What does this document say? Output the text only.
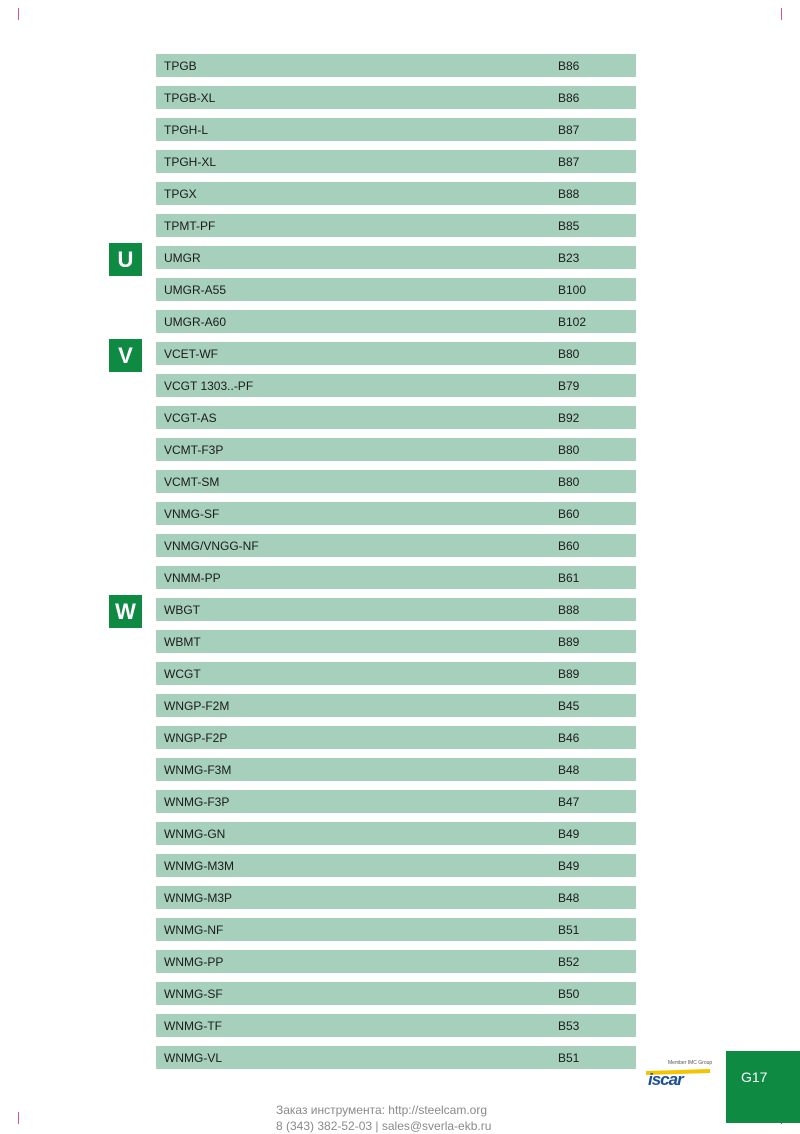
U
V
W
TPGB	B86
TPGB-XL	B86
TPGH-L	B87
TPGH-XL	B87
TPGX	B88
TPMT-PF	B85
UMGR	B23
UMGR-A55	B100
UMGR-A60	B102
VCET-WF	B80
VCGT 1303..-PF	B79
VCGT-AS	B92
VCMT-F3P	B80
VCMT-SM	B80
VNMG-SF	B60
VNMG/VNGG-NF	B60
VNMM-PP	B61
WBGT	B88
WBMT	B89
WCGT	B89
WNGP-F2M	B45
WNGP-F2P	B46
WNMG-F3M	B48
WNMG-F3P	B47
WNMG-GN	B49
WNMG-M3M	B49
WNMG-M3P	B48
WNMG-NF	B51
WNMG-PP	B52
WNMG-SF	B50
WNMG-TF	B53
WNMG-VL	B51	Member IMC Group
iscar	G17
Заказ инструмента: http://steelcam.org
8 (343) 382-52-03 | sales@sverla-ekb.ru
